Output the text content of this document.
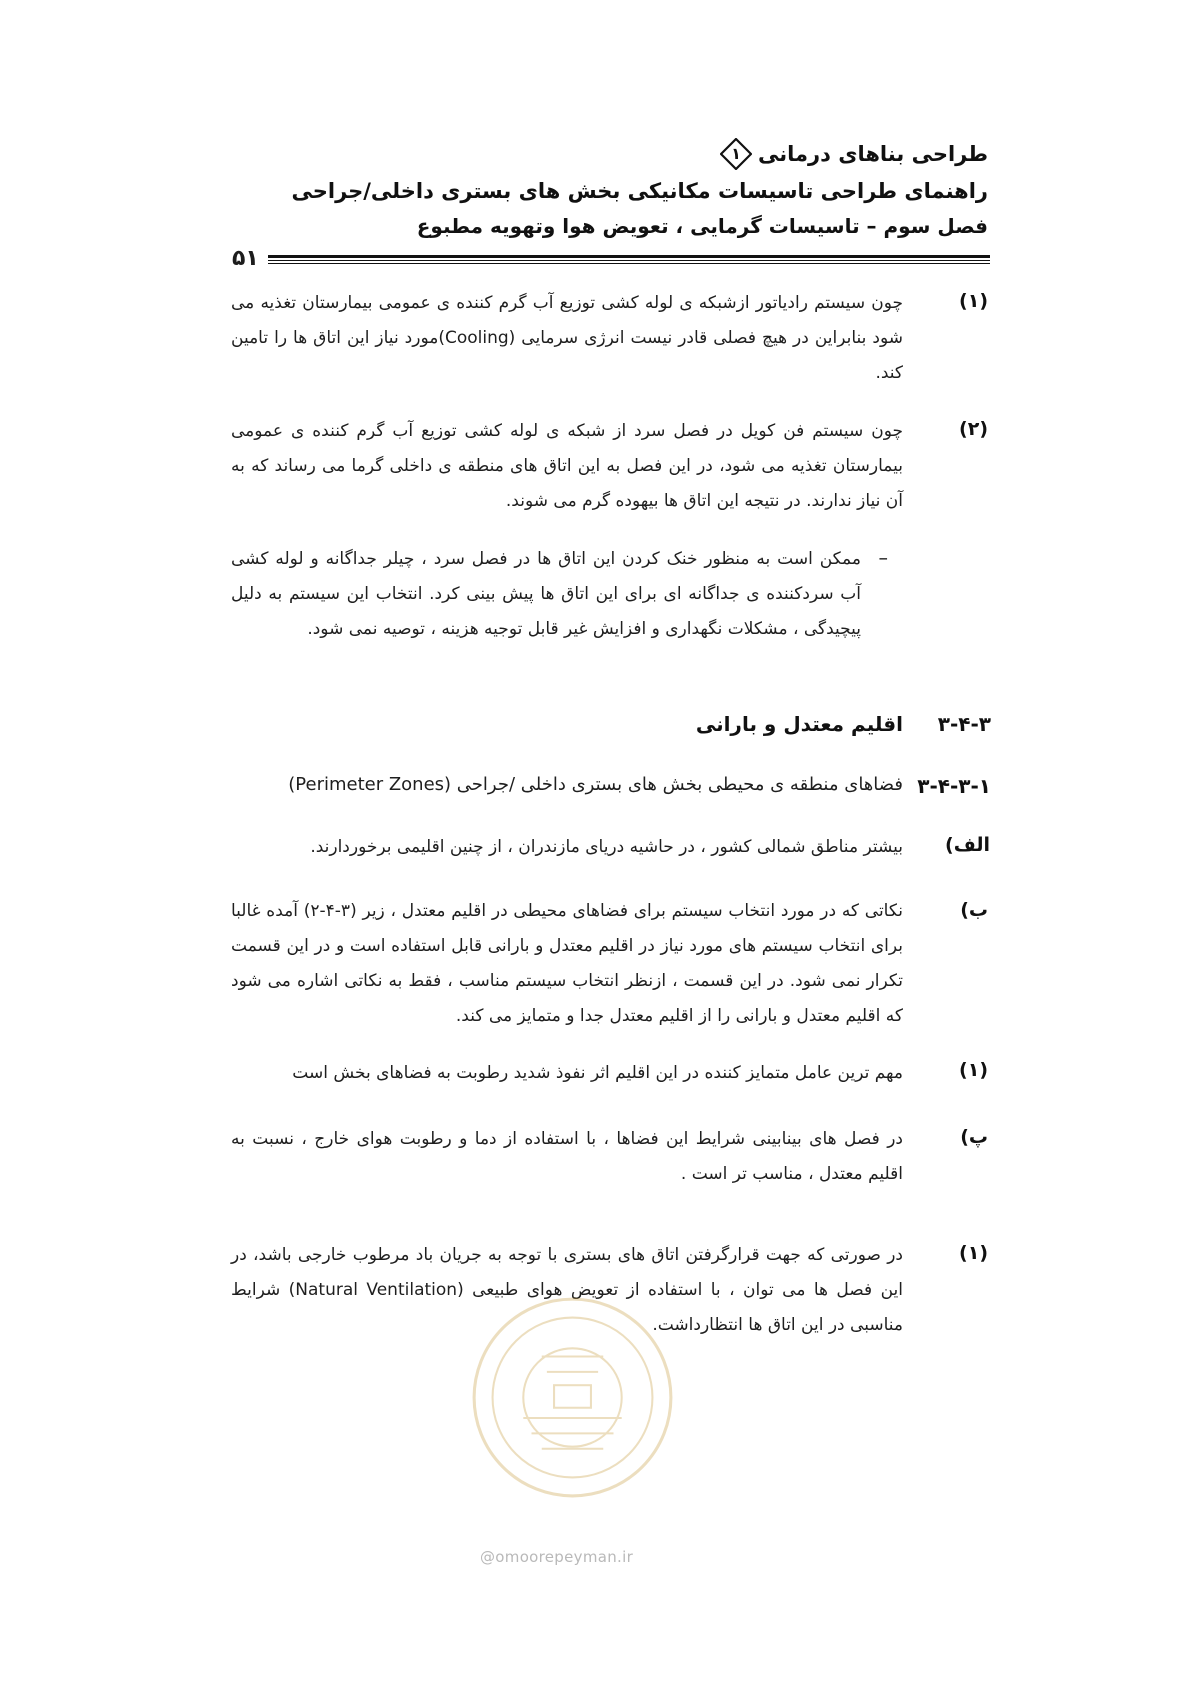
طراحی بناهای درمانی
۱
راهنمای طراحی تاسیسات مکانیکی بخش های بستری داخلی/جراحی
فصل سوم – تاسیسات گرمایی ، تعویض هوا وتهویه مطبوع
۵۱
(۱)
چون سیستم رادیاتور ازشبکه ی لوله کشی توزیع آب گرم کننده ی عمومی بیمارستان تغذیه می شود بنابراین در هیچ فصلی قادر نیست انرژی سرمایی (Cooling)مورد نیاز این اتاق ها را تامین کند.
(۲)
چون سیستم فن کویل در فصل سرد از شبکه ی لوله کشی توزیع آب گرم کننده ی عمومی بیمارستان تغذیه می شود، در این فصل به این اتاق های منطقه ی داخلی گرما می رساند که به آن نیاز ندارند. در نتیجه این اتاق ها بیهوده گرم می شوند.
–
ممکن است به منظور خنک کردن این اتاق ها در فصل سرد ، چیلر جداگانه و لوله کشی آب سردکننده ی جداگانه ای برای این اتاق ها پیش بینی کرد. انتخاب این سیستم به دلیل پیچیدگی ، مشکلات نگهداری و افزایش غیر قابل توجیه هزینه ، توصیه نمی شود.
۳-۴-۳
اقلیم معتدل و بارانی
۳-۴-۳-۱
فضاهای منطقه ی محیطی بخش های بستری داخلی /جراحی (Perimeter Zones)
الف)
بیشتر مناطق شمالی کشور ، در حاشیه دریای مازندران ، از چنین اقلیمی برخوردارند.
ب)
نکاتی که در مورد انتخاب سیستم برای فضاهای محیطی در اقلیم معتدل ، زیر (۳-۴-۲) آمده غالبا برای انتخاب سیستم های مورد نیاز در اقلیم معتدل و بارانی قابل استفاده است و در این قسمت تکرار نمی شود. در این قسمت ، ازنظر انتخاب سیستم مناسب ، فقط به نکاتی اشاره می شود که اقلیم معتدل و بارانی را از اقلیم معتدل جدا و متمایز می کند.
(۱)
مهم ترین عامل متمایز کننده در این اقلیم اثر نفوذ شدید رطوبت به فضاهای بخش است
پ)
در فصل های بینابینی شرایط این فضاها ، با استفاده از دما و رطوبت هوای خارج ، نسبت به اقلیم معتدل ، مناسب تر است .
(۱)
در صورتی که جهت قرارگرفتن اتاق های بستری با توجه به جریان باد مرطوب خارجی باشد، در این فصل ها می توان ، با استفاده از تعویض هوای طبیعی (Natural Ventilation) شرایط مناسبی در این اتاق ها انتظارداشت.
@omoorepeyman.ir
